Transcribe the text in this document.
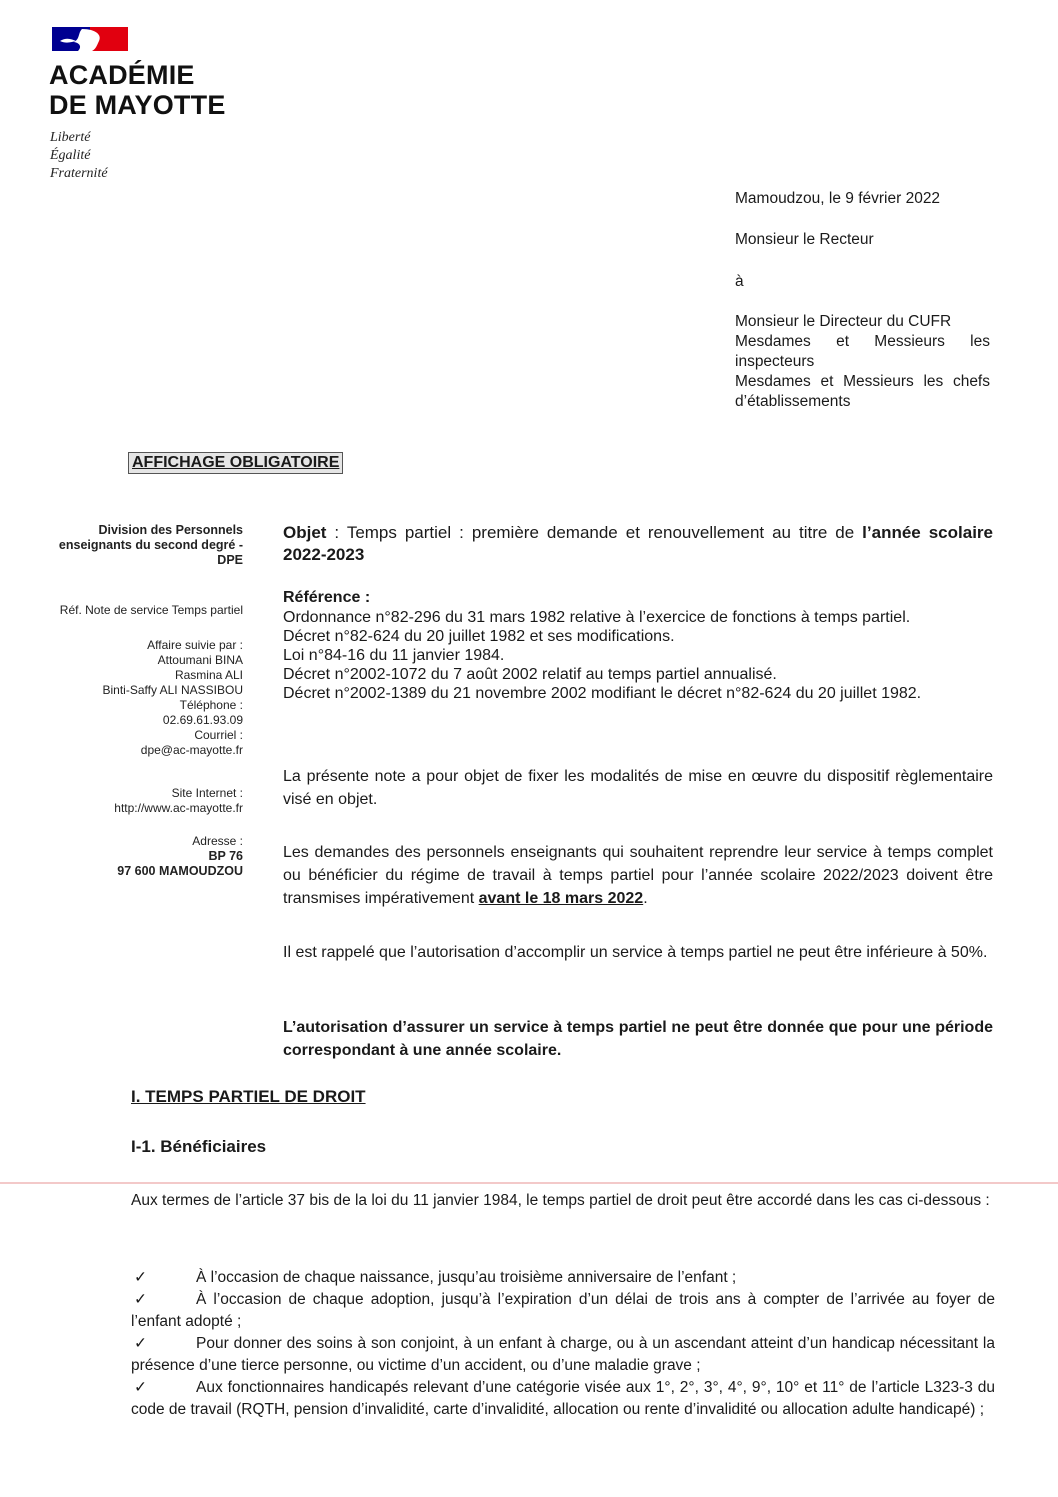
ACADÉMIE
DE MAYOTTE
Liberté
Égalité
Fraternité
Mamoudzou, le 9 février 2022
Monsieur le Recteur
à
Monsieur le Directeur du CUFR
Mesdames et Messieurs les inspecteurs
Mesdames et Messieurs les chefs d’établissements
AFFICHAGE OBLIGATOIRE
Division des Personnels
enseignants du second degré -
DPE
Réf. Note de service Temps partiel
Affaire suivie par :
Attoumani BINA
Rasmina ALI
Binti-Saffy ALI NASSIBOU
Téléphone :
02.69.61.93.09
Courriel :
dpe@ac-mayotte.fr
Site Internet :
http://www.ac-mayotte.fr
Adresse :
BP 76
97 600 MAMOUDZOU
Objet : Temps partiel : première demande et renouvellement au titre de l’année scolaire 2022-2023
Référence :
Ordonnance n°82-296 du 31 mars 1982 relative à l’exercice de fonctions à temps partiel.
Décret n°82-624 du 20 juillet 1982 et ses modifications.
Loi n°84-16 du 11 janvier 1984.
Décret n°2002-1072 du 7 août 2002 relatif au temps partiel annualisé.
Décret n°2002-1389 du 21 novembre 2002 modifiant le décret n°82-624 du 20 juillet 1982.
La présente note a pour objet de fixer les modalités de mise en œuvre du dispositif règlementaire visé en objet.
Les demandes des personnels enseignants qui souhaitent reprendre leur service à temps complet ou bénéficier du régime de travail à temps partiel pour l’année scolaire 2022/2023 doivent être transmises impérativement avant le 18 mars 2022.
Il est rappelé que l’autorisation d’accomplir un service à temps partiel ne peut être inférieure à 50%.
L’autorisation d’assurer un service à temps partiel ne peut être donnée que pour une période correspondant à une année scolaire.
I. TEMPS PARTIEL DE DROIT
I-1. Bénéficiaires
Aux termes de l’article 37 bis de la loi du 11 janvier 1984, le temps partiel de droit peut être accordé dans les cas ci-dessous :
✓	À l’occasion de chaque naissance, jusqu’au troisième anniversaire de l’enfant ;
✓	À l’occasion de chaque adoption, jusqu’à l’expiration d’un délai de trois ans à compter de l’arrivée au foyer de l’enfant adopté ;
✓	Pour donner des soins à son conjoint, à un enfant à charge, ou à un ascendant atteint d’un handicap nécessitant la présence d’une tierce personne, ou victime d’un accident, ou d’une maladie grave ;
✓	Aux fonctionnaires handicapés relevant d’une catégorie visée aux 1°, 2°, 3°, 4°, 9°, 10° et 11° de l’article L323-3 du code de travail (RQTH, pension d’invalidité, carte d’invalidité, allocation ou rente d’invalidité ou allocation adulte handicapé) ;
